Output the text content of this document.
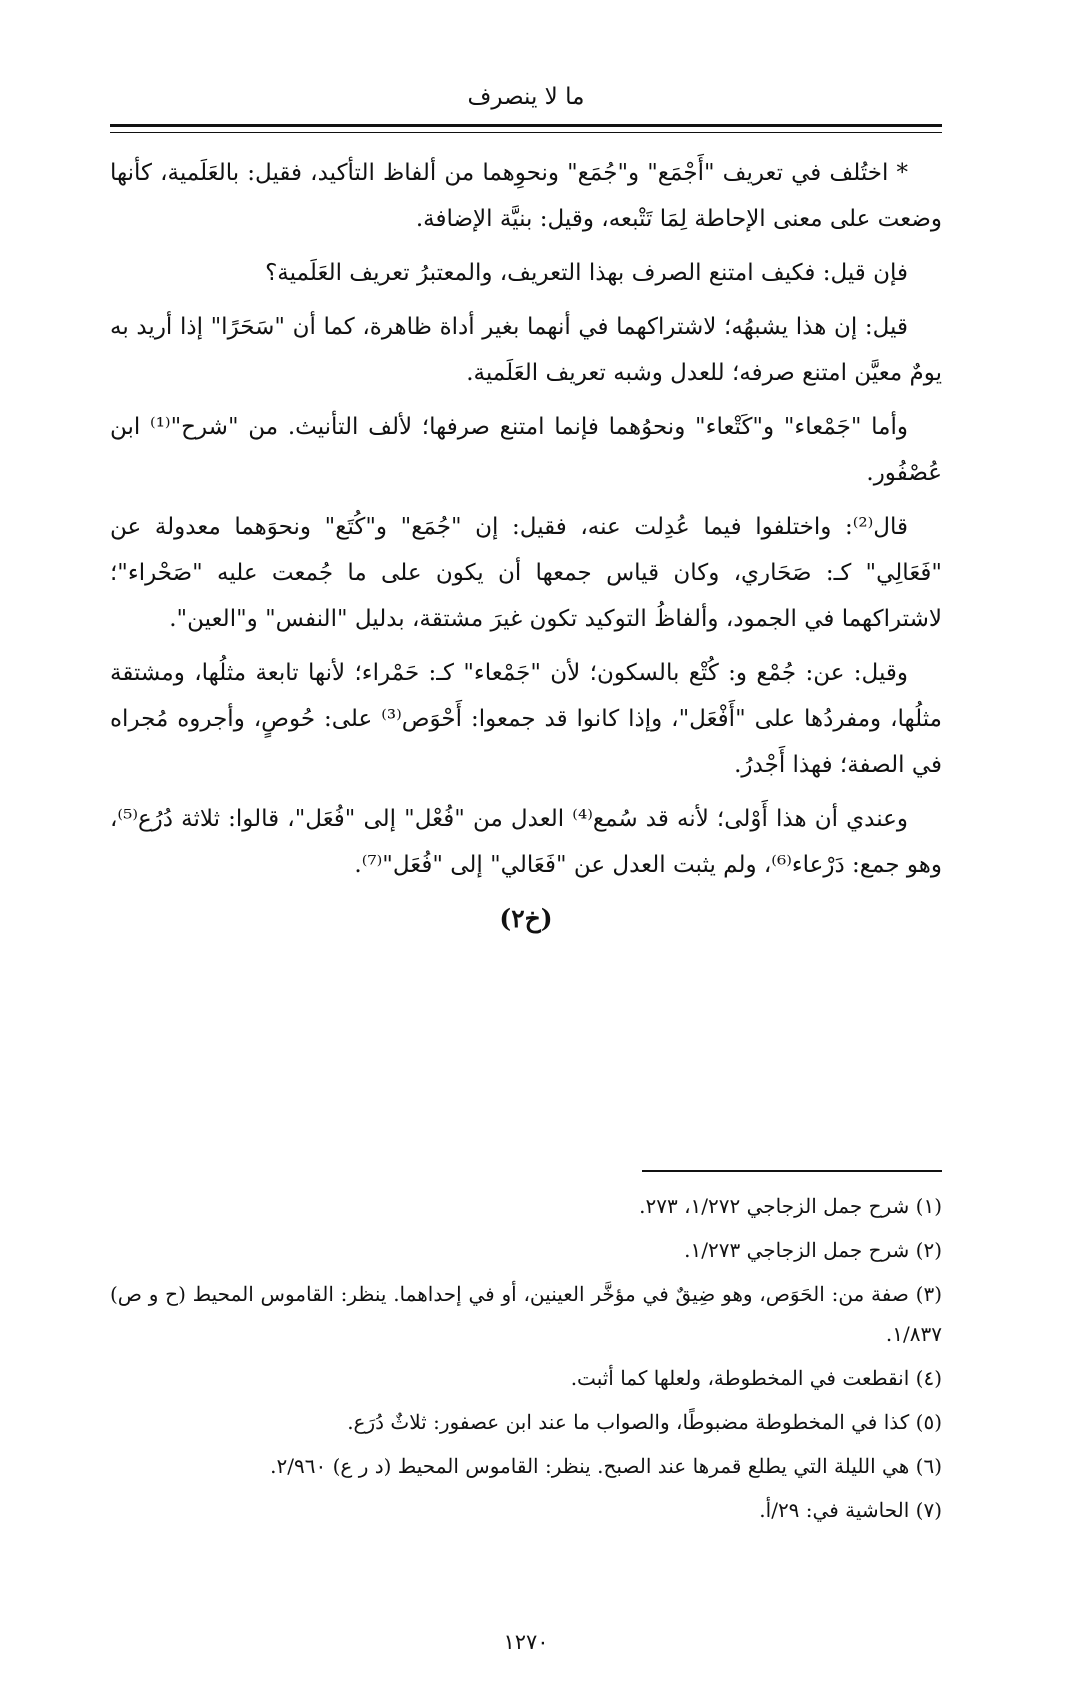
ما لا ينصرف

* اختُلف في تعريف "أَجْمَع" و"جُمَع" ونحوِهما من ألفاظ التأكيد، فقيل: بالعَلَمية، كأنها وضعت على معنى الإحاطة لِمَا تَتْبعه، وقيل: بنيَّة الإضافة.

فإن قيل: فكيف امتنع الصرف بهذا التعريف، والمعتبرُ تعريف العَلَمية؟

قيل: إن هذا يشبهُه؛ لاشتراكهما في أنهما بغير أداة ظاهرة، كما أن "سَحَرًا" إذا أريد به يومٌ معيَّن امتنع صرفه؛ للعدل وشبه تعريف العَلَمية.

وأما "جَمْعاء" و"كَتْعاء" ونحوُهما فإنما امتنع صرفها؛ لألف التأنيث. من "شرح"⁽¹⁾ ابن عُصْفُور.

قال⁽²⁾: واختلفوا فيما عُدِلت عنه، فقيل: إن "جُمَع" و"كُتَع" ونحوَهما معدولة عن "فَعَالِي" كـ: صَحَاري، وكان قياس جمعها أن يكون على ما جُمعت عليه "صَحْراء"؛ لاشتراكهما في الجمود، وألفاظُ التوكيد تكون غيرَ مشتقة، بدليل "النفس" و"العين".

وقيل: عن: جُمْع و: كُتْع بالسكون؛ لأن "جَمْعاء" كـ: حَمْراء؛ لأنها تابعة مثلُها، ومشتقة مثلُها، ومفردُها على "أَفْعَل"، وإذا كانوا قد جمعوا: أَحْوَص⁽³⁾ على: حُوصٍ، وأجروه مُجراه في الصفة؛ فهذا أَجْدرُ.

وعندي أن هذا أَوْلى؛ لأنه قد سُمع⁽⁴⁾ العدل من "فُعْل" إلى "فُعَل"، قالوا: ثلاثة دُرُع⁽⁵⁾، وهو جمع: دَرْعاء⁽⁶⁾، ولم يثبت العدل عن "فَعَالي" إلى "فُعَل"⁽⁷⁾.

(خ٢)

(١) شرح جمل الزجاجي ١/٢٧٢، ٢٧٣.

(٢) شرح جمل الزجاجي ١/٢٧٣.

(٣) صفة من: الحَوَص، وهو ضِيقٌ في مؤخَّر العينين، أو في إحداهما. ينظر: القاموس المحيط (ح و ص) ١/٨٣٧.

(٤) انقطعت في المخطوطة، ولعلها كما أثبت.

(٥) كذا في المخطوطة مضبوطًا، والصواب ما عند ابن عصفور: ثلاثٌ دُرَع.

(٦) هي الليلة التي يطلع قمرها عند الصبح. ينظر: القاموس المحيط (د ر ع) ٢/٩٦٠.

(٧) الحاشية في: ٢٩/أ.

١٢٧٠
